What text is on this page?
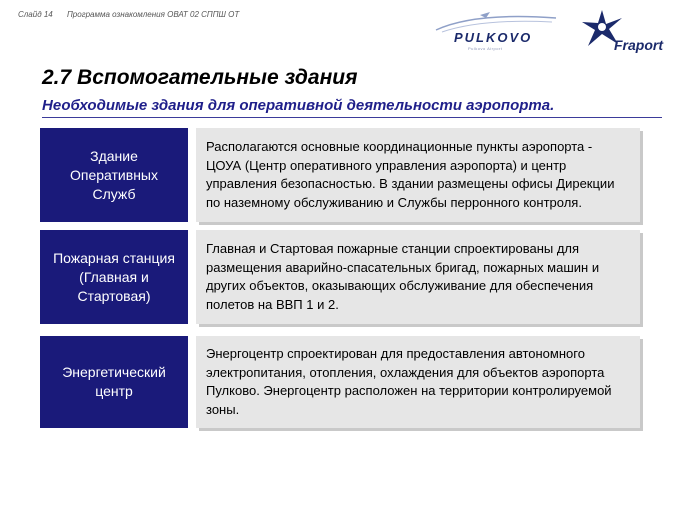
Слайд 14 Программа ознакомления ОВАТ 02 СППШ ОТ
PULKOVO
Pulkovo Airport	Fraport
2.7 Вспомогательные здания
Необходимые здания для оперативной деятельности аэропорта.
Здание Оперативных Служб
Располагаются основные координационные пункты аэропорта - ЦОУА (Центр оперативного управления аэропорта) и центр управления безопасностью. В здании размещены офисы Дирекции по наземному обслуживанию и Службы перронного контроля.
Пожарная станция (Главная и Стартовая)
Главная и Стартовая пожарные станции спроектированы для размещения аварийно-спасательных бригад, пожарных машин и других объектов, оказывающих обслуживание для обеспечения полетов на ВВП 1 и 2.
Энергетический центр
Энергоцентр спроектирован для предоставления автономного электропитания, отопления, охлаждения для объектов аэропорта Пулково. Энергоцентр расположен на территории контролируемой зоны.
